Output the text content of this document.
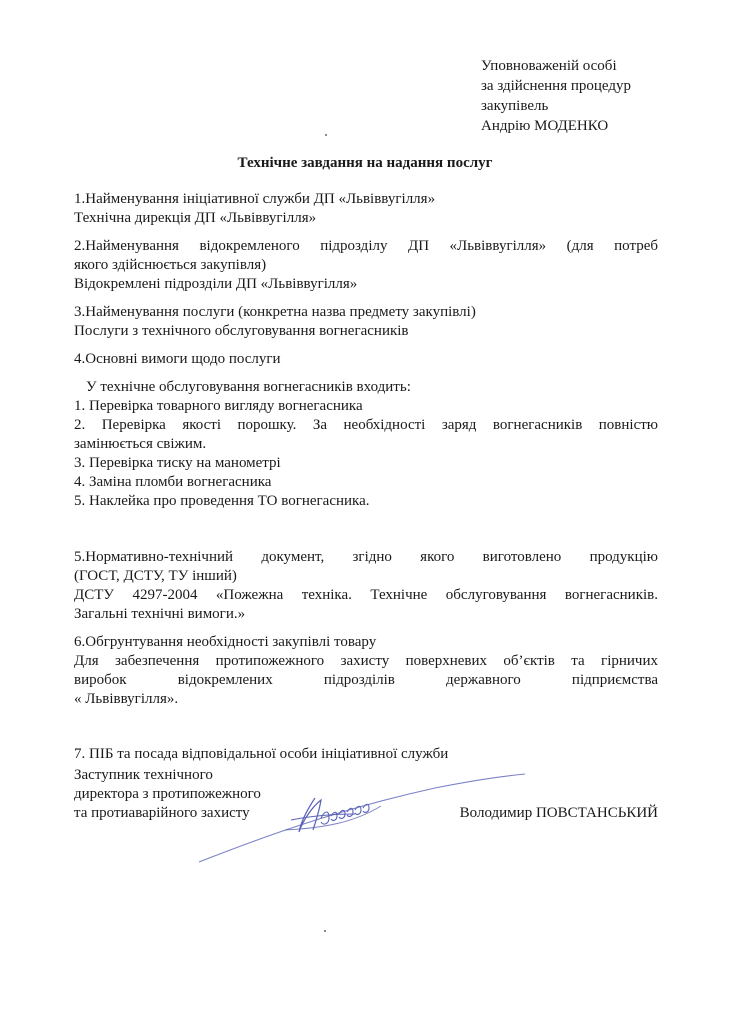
Уповноваженій особі
за здійснення процедур
закупівель
Андрію МОДЕНКО
Технічне завдання на надання послуг
1.Найменування ініціативної служби ДП «Львіввугілля»
Технічна дирекція ДП «Львіввугілля»
2.Найменування відокремленого підрозділу ДП «Львіввугілля» (для потреб
якого здійснюється закупівля)
Відокремлені підрозділи ДП «Львіввугілля»
3.Найменування послуги (конкретна назва предмету закупівлі)
Послуги з технічного обслуговування вогнегасників
4.Основні вимоги щодо послуги
У технічне обслуговування вогнегасників входить:
1. Перевірка товарного вигляду вогнегасника
2. Перевірка якості порошку. За необхідності заряд вогнегасників повністю
замінюється свіжим.
3. Перевірка тиску на манометрі
4. Заміна пломби вогнегасника
5. Наклейка про проведення ТО вогнегасника.
5.Нормативно-технічний документ, згідно якого виготовлено продукцію
(ГОСТ, ДСТУ, ТУ інший)
ДСТУ 4297-2004 «Пожежна техніка. Технічне обслуговування вогнегасників.
Загальні технічні вимоги.»
6.Обгрунтування необхідності закупівлі товару
Для забезпечення протипожежного захисту поверхневих об’єктів та гірничих
виробок відокремлених підрозділів державного підприємства
« Львіввугілля».
7. ПІБ та посада відповідальної особи ініціативної служби
Заступник технічного
директора з протипожежного
та протиаварійного захисту	Володимир ПОВСТАНСЬКИЙ
